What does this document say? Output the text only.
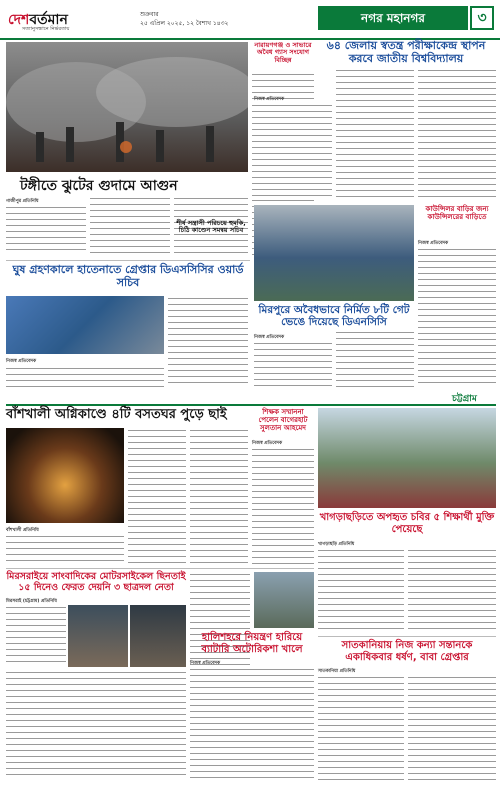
দেশবর্তমান
সত্যানুসন্ধানে নির্ভরতায়
শুক্রবার
২৫ এপ্রিল ২০২৫, ১২ বৈশাখ ১৪৩২	নগর মহানগর	৩
টঙ্গীতে ঝুটের গুদামে আগুন
গাজীপুর প্রতিনিধি
নারায়ণগঞ্জ ও সাভারে অবৈধ গ্যাস সংযোগ বিচ্ছিন্ন
৬৪ জেলায় স্বতন্ত্র পরীক্ষাকেন্দ্র স্থাপন করবে জাতীয় বিশ্ববিদ্যালয়
নিজস্ব প্রতিবেদক
কাউন্সিলর বাড়ির জন্য কাউন্সিলরের বাড়িতে
নিজস্ব প্রতিবেদক
ঘুষ গ্রহণকালে হাতেনাতে গ্রেপ্তার ডিএসসিসির ওয়ার্ড সচিব
নিজস্ব প্রতিবেদক
শীর্ষ সন্ত্রাসী পরিচয়ে হুমকি, চিঠি কাণ্ডেন সমন্বয় সচিব
মিরপুরে অবৈধভাবে নির্মিত ৮টি গেট ভেঙে দিয়েছে ডিএনসিসি
নিজস্ব প্রতিবেদক
চট্টগ্রাম
বাঁশখালী অগ্নিকাণ্ডে ৪টি বসতঘর পুড়ে ছাই
বাঁশখালী প্রতিনিধি
শিক্ষক সম্মাননা পেলেন বাগেরহাট সুলতান আহমেদ
নিজস্ব প্রতিবেদক
খাগড়াছড়িতে অপহৃত চবির ৫ শিক্ষার্থী মুক্তি পেয়েছে
খাগড়াছড়ি প্রতিনিধি
মিরসরাইয়ে সাংবাদিকের মোটরসাইকেল ছিনতাই ১৫ দিনেও ফেরত দেয়নি ৩ ছাত্রদল নেতা
মিরসরাই (চট্টগ্রাম) প্রতিনিধি
হালিশহরে নিয়ন্ত্রণ হারিয়ে ব্যাটারি অটোরিকশা খালে
নিজস্ব প্রতিবেদক
সাতকানিয়ায় নিজ কন্যা সন্তানকে একাধিকবার ধর্ষণ, বাবা গ্রেপ্তার
সাতকানিয়া প্রতিনিধি
